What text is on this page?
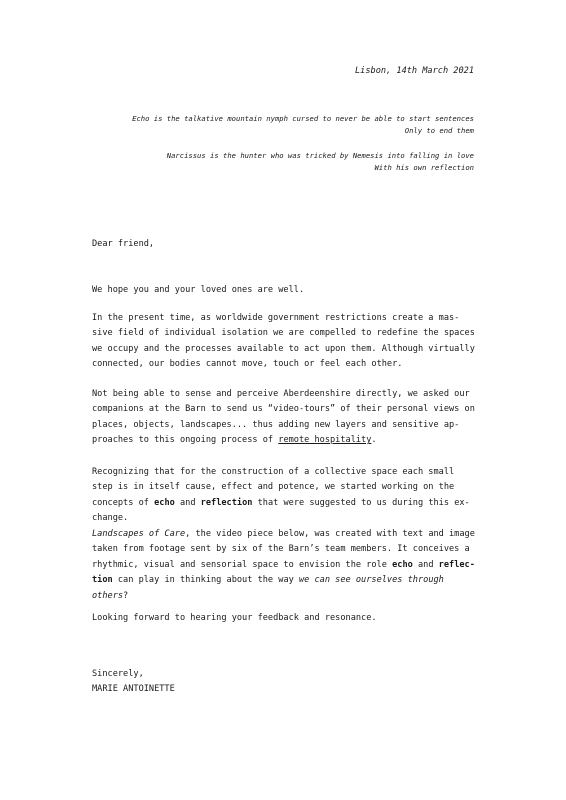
Lisbon, 14th March 2021
Echo is the talkative mountain nymph cursed to never be able to start sentences
Only to end them
Narcissus is the hunter who was tricked by Nemesis into falling in love
With his own reflection
Dear friend,
We hope you and your loved ones are well.
In the present time, as worldwide government restrictions create a mas-
sive field of individual isolation we are compelled to redefine the spaces
we occupy and the processes available to act upon them. Although virtually
connected, our bodies cannot move, touch or feel each other.
Not being able to sense and perceive Aberdeenshire directly, we asked our
companions at the Barn to send us “video-tours” of their personal views on
places, objects, landscapes... thus adding new layers and sensitive ap-
proaches to this ongoing process of remote hospitality.
Recognizing that for the construction of a collective space each small
step is in itself cause, effect and potence, we started working on the
concepts of echo and reflection that were suggested to us during this ex-
change.
Landscapes of Care, the video piece below, was created with text and image
taken from footage sent by six of the Barn’s team members. It conceives a
rhythmic, visual and sensorial space to envision the role echo and reflec-
tion can play in thinking about the way we can see ourselves through
others?
Looking forward to hearing your feedback and resonance.
Sincerely,
MARIE ANTOINETTE
